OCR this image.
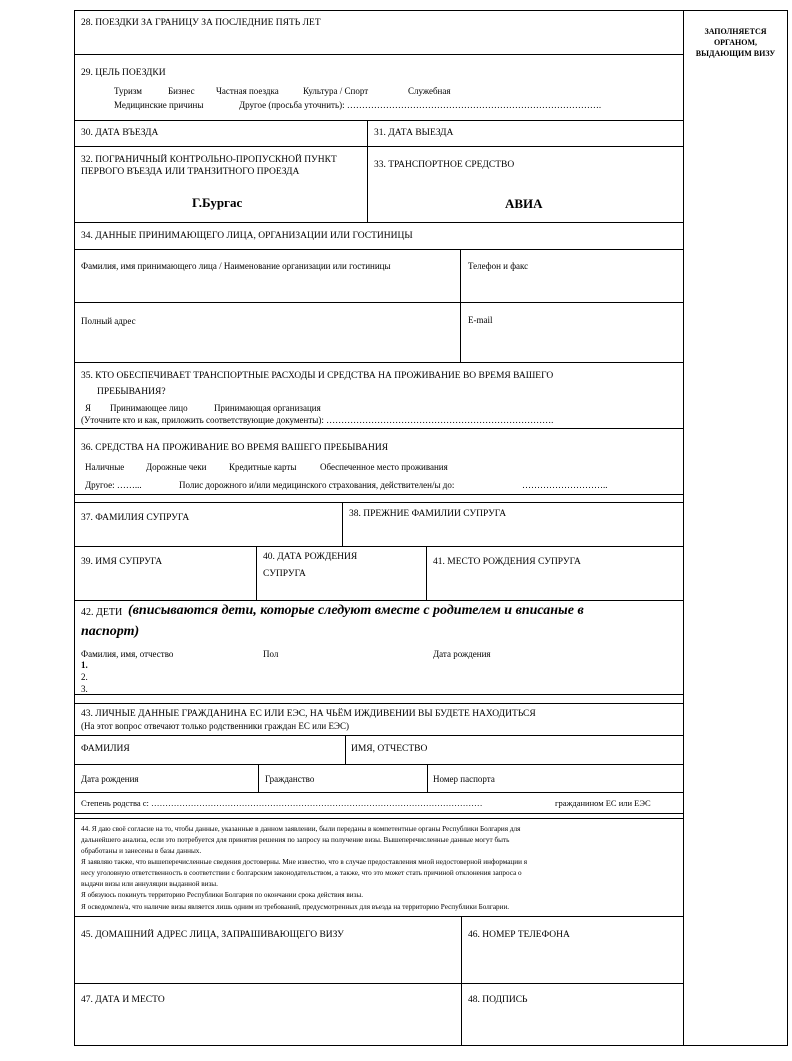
ЗАПОЛНЯЕТСЯ ОРГАНОМ, ВЫДАЮЩИМ ВИЗУ
28. ПОЕЗДКИ ЗА ГРАНИЦУ ЗА ПОСЛЕДНИЕ ПЯТЬ ЛЕТ
29. ЦЕЛЬ ПОЕЗДКИ
Туризм	Бизнес Частная поездка	Культура / Спорт	Служебная
Медицинские причины	Другое (просьба уточнить): ………………………………………………………………………….
30. ДАТА ВЪЕЗДА	31. ДАТА ВЫЕЗДА
32. ПОГРАНИЧНЫЙ КОНТРОЛЬНО-ПРОПУСКНОЙ ПУНКТ ПЕРВОГО ВЪЕЗДА ИЛИ ТРАНЗИТНОГО ПРОЕЗДА
Г.Бургас
33. ТРАНСПОРТНОЕ СРЕДСТВО
АВИА
34. ДАННЫЕ ПРИНИМАЮЩЕГО ЛИЦА, ОРГАНИЗАЦИИ ИЛИ ГОСТИНИЦЫ
Фамилия, имя принимающего лица / Наименование организации или гостиницы	Телефон и факс
Полный адрес	E-mail
35. КТО ОБЕСПЕЧИВАЕТ ТРАНСПОРТНЫЕ РАСХОДЫ И СРЕДСТВА НА ПРОЖИВАНИЕ ВО ВРЕМЯ ВАШЕГО
ПРЕБЫВАНИЯ?
Я Принимающее лицо	Принимающая организация
(Уточните кто и как, приложить соответствующие документы): ………………………………………………………………….
36. СРЕДСТВА НА ПРОЖИВАНИЕ ВО ВРЕМЯ ВАШЕГО ПРЕБЫВАНИЯ
Наличные Дорожные чеки	Кредитные карты	Обеспеченное место проживания
Другое: ……...	Полис дорожного и/или медицинского страхования, действителен/ы до:	………………………..
37. ФАМИЛИЯ СУПРУГА	38. ПРЕЖНИЕ ФАМИЛИИ СУПРУГА
39. ИМЯ СУПРУГА	40. ДАТА РОЖДЕНИЯ
СУПРУГА
41. МЕСТО РОЖДЕНИЯ СУПРУГА
42. ДЕТИ (вписываются дети, которые следуют вместе с родителем и вписаные в
паспорт)
Фамилия, имя, отчество	Пол	Дата рождения
1.
2.
3.
43. ЛИЧНЫЕ ДАННЫЕ ГРАЖДАНИНА ЕС ИЛИ ЕЭС, НА ЧЬЁМ ИЖДИВЕНИИ ВЫ БУДЕТЕ НАХОДИТЬСЯ
(На этот вопрос отвечают только родственники граждан ЕС или ЕЭС)
ФАМИЛИЯ	ИМЯ, ОТЧЕСТВО
Дата рождения	Гражданство	Номер паспорта
Степень родства с: ………………………………………………………………………………………………………	гражданином ЕС или ЕЭС
44. Я даю своё согласие на то, чтобы данные, указанные в данном заявлении, были переданы в компетентные органы Республики Болгария для
дальнейшего анализа, если это потребуется для принятия решения по запросу на получение визы. Вышеперечисленные данные могут быть
обработаны и занесены в базы данных.
Я заявляю также, что вышеперечисленные сведения достоверны. Мне известно, что в случае предоставления мной недостоверной информации я
несу уголовную ответственность в соответствии с болгарским законодательством, а также, что это может стать причиной отклонения запроса о
выдачи визы или аннуляции выданной визы.
Я обязуюсь покинуть территорию Республики Болгария по окончании срока действия визы.
Я осведомлен/а, что наличие визы является лишь одним из требований, предусмотренных для въезда на территорию Республики Болгарии.
45. ДОМАШНИЙ АДРЕС ЛИЦА, ЗАПРАШИВАЮЩЕГО ВИЗУ	46. НОМЕР ТЕЛЕФОНА
47. ДАТА И МЕСТО	48. ПОДПИСЬ
